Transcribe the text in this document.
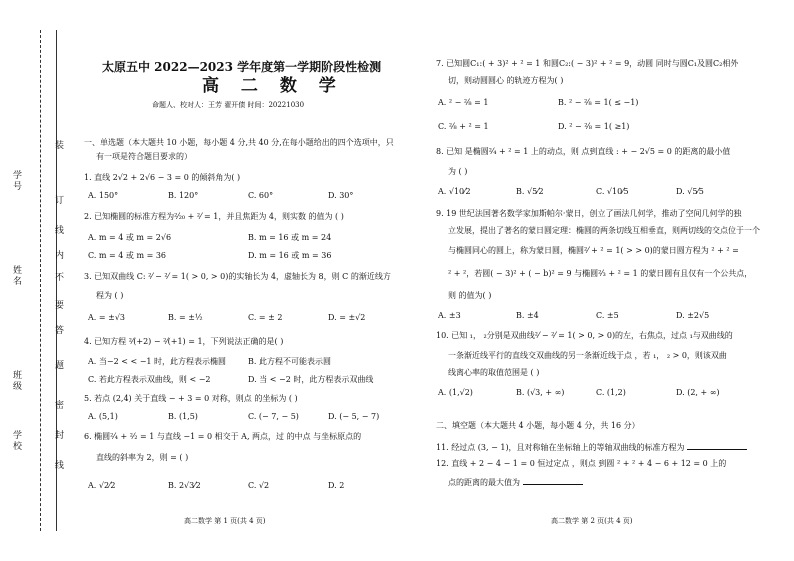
学号
姓名
班级
学校
装
订
线
内
不
要
答
题
密
封
线

太原五中 2022—2023 学年度第一学期阶段性检测

高 二 数 学

命题人、校对人：王芳 翟开债 时间：20221030

一、单选题（本大题共 10 小题，每小题 4 分,共 40 分,在每小题给出的四个选项中，只

有一项是符合题目要求的）

1. 直线 2√2 + 2√6 − 3 = 0 的倾斜角为( )

A. 150°	B. 120°	C. 60°	D. 30°

2. 已知椭圆的标准方程为²⁄₂₀ + ²⁄ = 1，并且焦距为 4，则实数 的值为 ( )

A. m = 4 或 m = 2√6	B. m = 16 或 m = 24
C. m = 4 或 m = 36	D. m = 16 或 m = 36

3. 已知双曲线 C: ²⁄ − ²⁄ = 1( > 0, > 0)的实轴长为 4，虚轴长为 8，则 C 的渐近线方

程为 ( )

A. = ±√3	B. = ±½	C. = ± 2	D. = ±√2

4. 已知方程 ²⁄(+2) − ²⁄(+1) = 1，下列说法正确的是( )

A. 当−2 < < −1 时，此方程表示椭圆	B. 此方程不可能表示圆
C. 若此方程表示双曲线，则 < −2	D. 当 < −2 时，此方程表示双曲线

5. 若点 (2,4) 关于直线 − + 3 = 0 对称，则点 的坐标为 ( )

A. (5,1)	B. (1,5)	C. (− 7, − 5)	D. (− 5, − 7)

6. 椭圆²⁄₄ + ²⁄₂ = 1 与直线 −1 = 0 相交于 A, 两点，过 的中点 与坐标原点的

直线的斜率为 2，则 = ( )

A. √2⁄2	B. 2√3⁄2	C. √2	D. 2

高二数学 第 1 页(共 4 页)

7. 已知圆C₁:( + 3)² + ² = 1 和圆C₂:( − 3)² + ² = 9，动圆 同时与圆C₁及圆C₂相外

切，则动圆圆心 的轨迹方程为( )

A. ² − ²⁄₈ = 1	B. ² − ²⁄₈ = 1( ≤ −1)
C. ²⁄₈ + ² = 1	D. ² − ²⁄₈ = 1( ≥1)

8. 已知 是椭圆²⁄₄ + ² = 1 上的动点，则 点到直线 : + − 2√5 = 0 的距离的最小值

为 ( )

A. √10⁄2	B. √5⁄2	C. √10⁄5	D. √5⁄5

9. 19 世纪法国著名数学家加斯帕尔·蒙日，创立了画法几何学，推动了空间几何学的独

立发展，提出了著名的蒙日圆定理：椭圆的两条切线互相垂直，则两切线的交点位于一个

与椭圆同心的圆上，称为蒙日圆，椭圆²⁄ + ² = 1( > > 0)的蒙日圆方程为 ² + ² =

² + ²，若圆( − 3)² + ( − b)² = 9 与椭圆²⁄₃ + ² = 1 的蒙日圆有且仅有一个公共点，

则 的值为( )

A. ±3	B. ±4	C. ±5	D. ±2√5

10. 已知 ₁， ₂分别是双曲线²⁄ − ²⁄ = 1( > 0, > 0)的左，右焦点，过点 ₁与双曲线的

一条渐近线平行的直线交双曲线的另一条渐近线于点 ，若 ₁， ₂ > 0，则该双曲

线离心率的取值范围是 ( )

A. (1,√2)	B. (√3, + ∞)	C. (1,2)	D. (2, + ∞)

二、填空题（本大题共 4 小题，每小题 4 分，共 16 分）

11. 经过点 (3, − 1)，且对称轴在坐标轴上的等轴双曲线的标准方程为

12. 直线 + 2 − 4 − 1 = 0 恒过定点 ，则点 到圆 ² + ² + 4 − 6 + 12 = 0 上的

点的距离的最大值为

高二数学 第 2 页(共 4 页)
